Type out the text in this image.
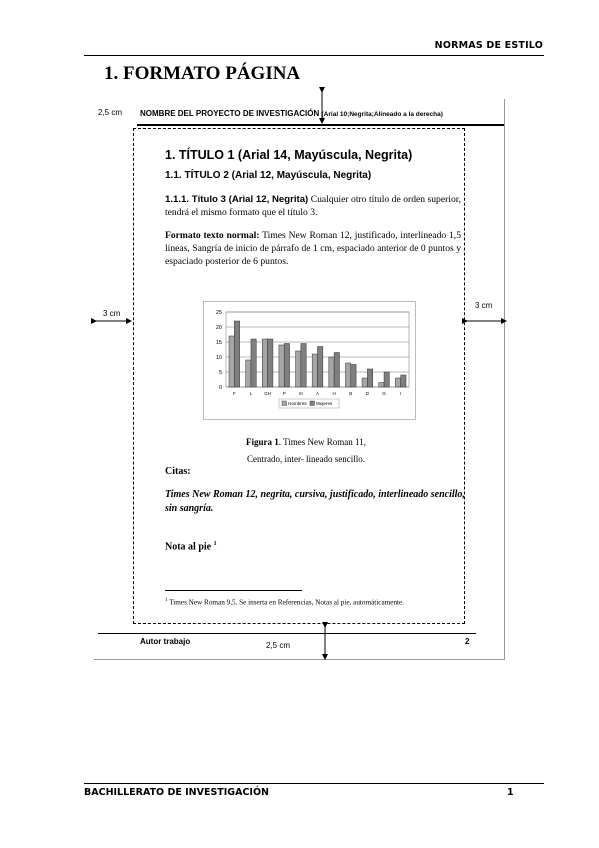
NORMAS DE ESTILO
1. FORMATO PÁGINA
NOMBRE DEL PROYECTO DE INVESTIGACIÓN (Arial 10;Negrita;Alineado a la derecha)
2,5 cm
3 cm
3 cm
2,5 cm
1. TÍTULO 1 (Arial 14, Mayúscula, Negrita)
1.1. TÍTULO 2 (Arial 12, Mayúscula, Negrita)
1.1.1. Título 3 (Arial 12, Negrita) Cualquier otro título de orden superior, tendrá el mismo formato que el título 3.
Formato texto normal: Times New Roman 12, justificado, interlineado 1,5 líneas, Sangría de inicio de párrafo de 1 cm, espaciado anterior de 0 puntos y espaciado posterior de 6 puntos.
0
5
10
15
20
25
F	L	GH	P	III	A	H	B	D	G	I
Hombres Mujeres
Figura 1. Times New Roman 11, Centrado, inter- lineado sencillo.
Citas:
Times New Roman 12, negrita, cursiva, justificado, interlineado sencillo, sin sangría.
Nota al pie $^1$
$^1$ Times New Roman 9,5. Se inserta en Referencias, Notas al pie, automáticamente.
Autor trabajo	2
BACHILLERATO DE INVESTIGACIÓN	1
